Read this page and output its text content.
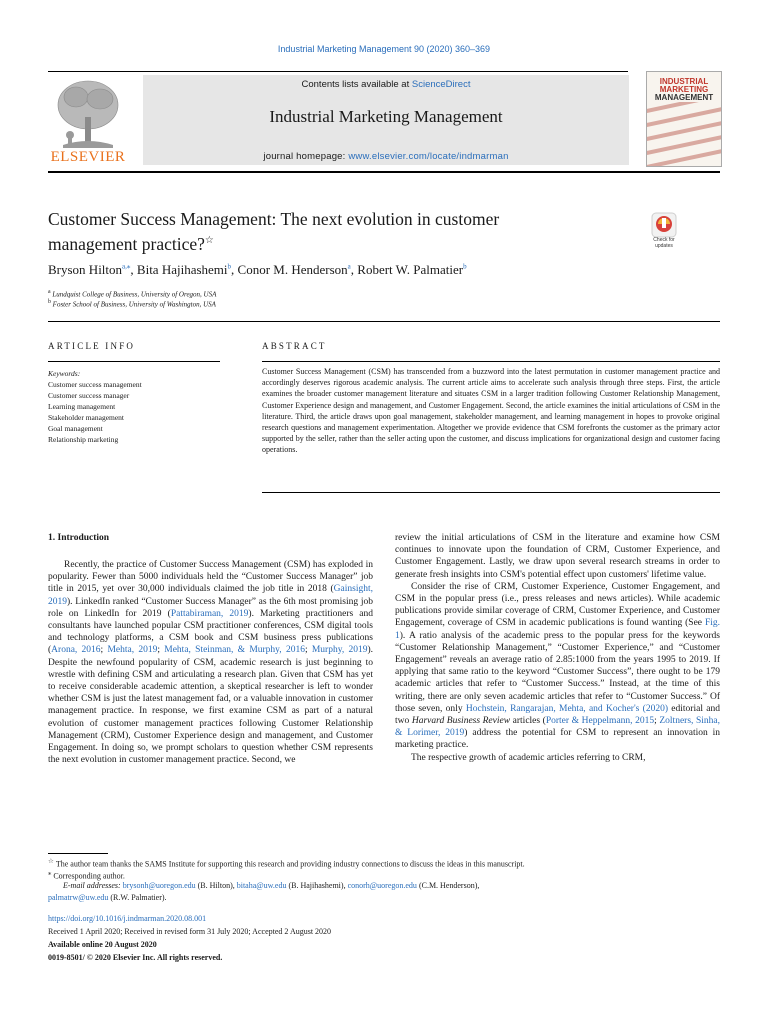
Industrial Marketing Management 90 (2020) 360–369
ELSEVIER
Contents lists available at ScienceDirect
Industrial Marketing Management
journal homepage: www.elsevier.com/locate/indmarman
INDUSTRIAL
MARKETING
MANAGEMENT
Customer Success Management: The next evolution in customer
management practice?☆	Check for updates
Bryson Hilton$^{a,⁎}$, Bita Hajihashemi$^b$, Conor M. Henderson$^a$, Robert W. Palmatier$^b$
$^a$ Lundquist College of Business, University of Oregon, USA
$^b$ Foster School of Business, University of Washington, USA
ARTICLE INFO	ABSTRACT
Keywords:
Customer success management
Customer success manager
Learning management
Stakeholder management
Goal management
Relationship marketing
Customer Success Management (CSM) has transcended from a buzzword into the latest permutation in customer management practice and accordingly deserves rigorous academic analysis. The current article aims to accelerate such analysis through three steps. First, the article examines the broader customer management literature and situates CSM in a larger tradition following Customer Relationship Management, Customer Experience design and management, and Customer Engagement. Second, the article examines the initial articulations of CSM in the literature. Third, the article draws upon goal management, stakeholder management, and learning management in hopes to provoke original research questions and management experimentation. Altogether we provide evidence that CSM forefronts the customer as the primary actor supported by the seller, rather than the seller acting upon the customer, and discuss implications for organizational design and customer facing operations.
1. Introduction

Recently, the practice of Customer Success Management (CSM) has exploded in popularity. Fewer than 5000 individuals held the “Customer Success Manager” job title in 2015, yet over 30,000 individuals claimed the job title in 2018 (Gainsight, 2019). LinkedIn ranked “Customer Success Manager” as the 6th most promising job role on LinkedIn for 2019 (Pattabiraman, 2019). Marketing practitioners and consultants have launched popular CSM practitioner conferences, CSM digital tools and technology platforms, a CSM book and CSM business press publications (Arona, 2016; Mehta, 2019; Mehta, Steinman, & Murphy, 2016; Murphy, 2019). Despite the newfound popularity of CSM, academic research is just beginning to wrestle with defining CSM and articulating a research plan. Given that CSM has yet to receive considerable academic attention, a skeptical researcher is left to wonder whether CSM is just the latest management fad, or a valuable innovation in customer management practice. In response, we first examine CSM as part of a natural evolution of customer management practices following Customer Relationship Management (CRM), Customer Experience design and management, and Customer Engagement. In doing so, we prompt scholars to question whether CSM represents the next evolution in customer management practice. Second, we

review the initial articulations of CSM in the literature and examine how CSM continues to innovate upon the foundation of CRM, Customer Experience, and Customer Engagement. Lastly, we draw upon several research streams in order to generate fresh insights into CSM's potential effect upon customers' lifetime value.

Consider the rise of CRM, Customer Experience, Customer Engagement, and CSM in the popular press (i.e., press releases and news articles). While academic publications provide similar coverage of CRM, Customer Experience, and Customer Engagement, coverage of CSM in academic publications is found wanting (See Fig. 1). A ratio analysis of the academic press to the popular press for the keywords “Customer Relationship Management,” “Customer Experience,” and “Customer Engagement” reveals an average ratio of 2.85:1000 from the years 1995 to 2019. If applying that same ratio to the keyword “Customer Success”, there ought to be 179 academic articles that refer to “Customer Success.” Instead, at the time of this writing, there are only seven academic articles that refer to “Customer Success.” Of those seven, only Hochstein, Rangarajan, Mehta, and Kocher's (2020) editorial and two Harvard Business Review articles (Porter & Heppelmann, 2015; Zoltners, Sinha, & Lorimer, 2019) address the potential for CSM to represent an innovation in marketing practice.

The respective growth of academic articles referring to CRM,

☆ The author team thanks the SAMS Institute for supporting this research and providing industry connections to discuss the ideas in this manuscript.
⁎ Corresponding author.
E-mail addresses: brysonh@uoregon.edu (B. Hilton), bitaha@uw.edu (B. Hajihashemi), conorh@uoregon.edu (C.M. Henderson),
palmatrw@uw.edu (R.W. Palmatier).
https://doi.org/10.1016/j.indmarman.2020.08.001
Received 1 April 2020; Received in revised form 31 July 2020; Accepted 2 August 2020
Available online 20 August 2020
0019-8501/ © 2020 Elsevier Inc. All rights reserved.
